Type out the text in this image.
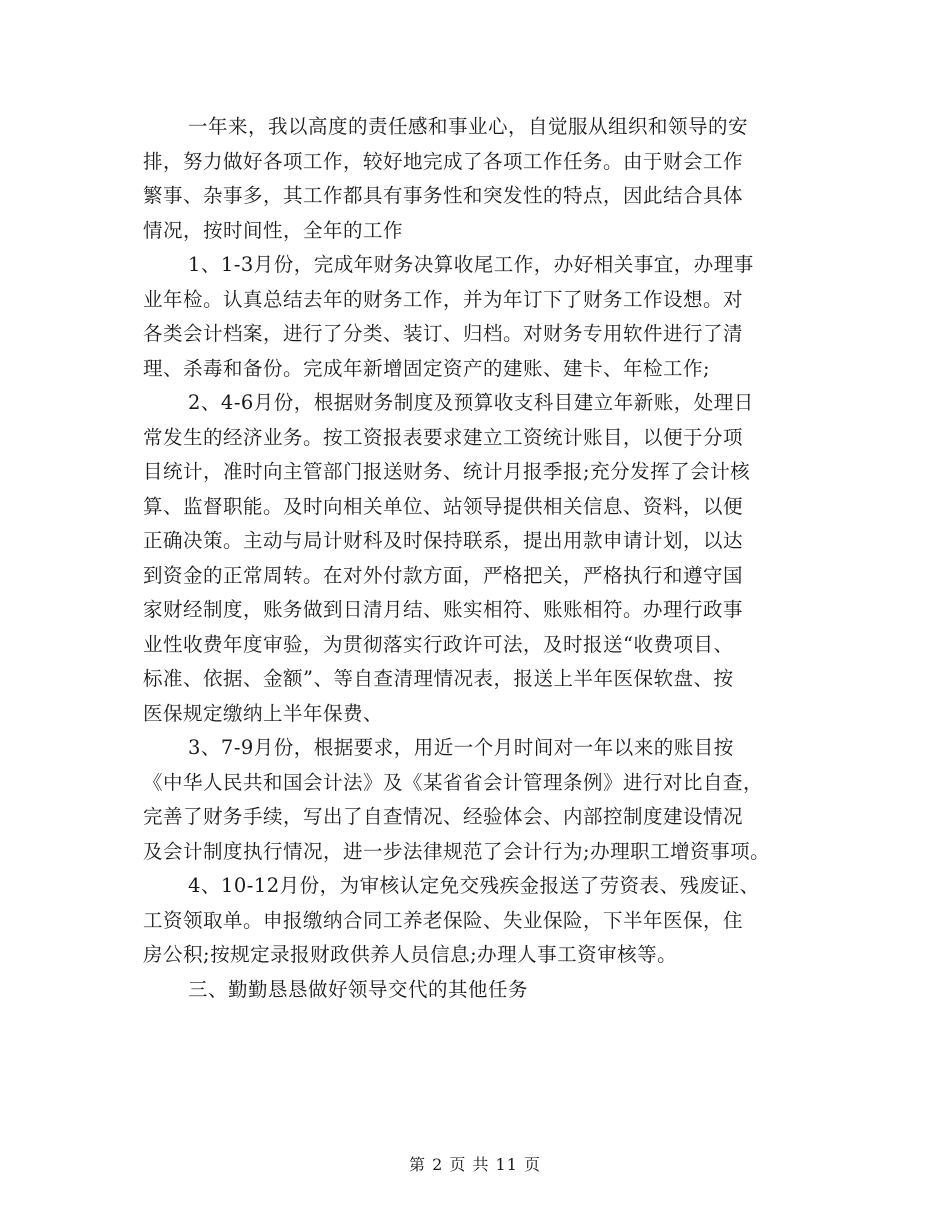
一年来，我以高度的责任感和事业心，自觉服从组织和领导的安
排，努力做好各项工作，较好地完成了各项工作任务。由于财会工作
繁事、杂事多，其工作都具有事务性和突发性的特点，因此结合具体
情况，按时间性，全年的工作
1、1-3月份，完成年财务决算收尾工作，办好相关事宜，办理事
业年检。认真总结去年的财务工作，并为年订下了财务工作设想。对
各类会计档案，进行了分类、装订、归档。对财务专用软件进行了清
理、杀毒和备份。完成年新增固定资产的建账、建卡、年检工作;
2、4-6月份，根据财务制度及预算收支科目建立年新账，处理日
常发生的经济业务。按工资报表要求建立工资统计账目，以便于分项
目统计，准时向主管部门报送财务、统计月报季报;充分发挥了会计核
算、监督职能。及时向相关单位、站领导提供相关信息、资料，以便
正确决策。主动与局计财科及时保持联系，提出用款申请计划，以达
到资金的正常周转。在对外付款方面，严格把关，严格执行和遵守国
家财经制度，账务做到日清月结、账实相符、账账相符。办理行政事
业性收费年度审验，为贯彻落实行政许可法，及时报送“收费项目、
标准、依据、金额”、等自查清理情况表，报送上半年医保软盘、按
医保规定缴纳上半年保费、
3、7-9月份，根据要求，用近一个月时间对一年以来的账目按
《中华人民共和国会计法》及《某省省会计管理条例》进行对比自查，
完善了财务手续，写出了自查情况、经验体会、内部控制度建设情况
及会计制度执行情况，进一步法律规范了会计行为;办理职工增资事项。
4、10-12月份，为审核认定免交残疾金报送了劳资表、残废证、
工资领取单。申报缴纳合同工养老保险、失业保险，下半年医保，住
房公积;按规定录报财政供养人员信息;办理人事工资审核等。
三、勤勤恳恳做好领导交代的其他任务
第 2 页 共 11 页
